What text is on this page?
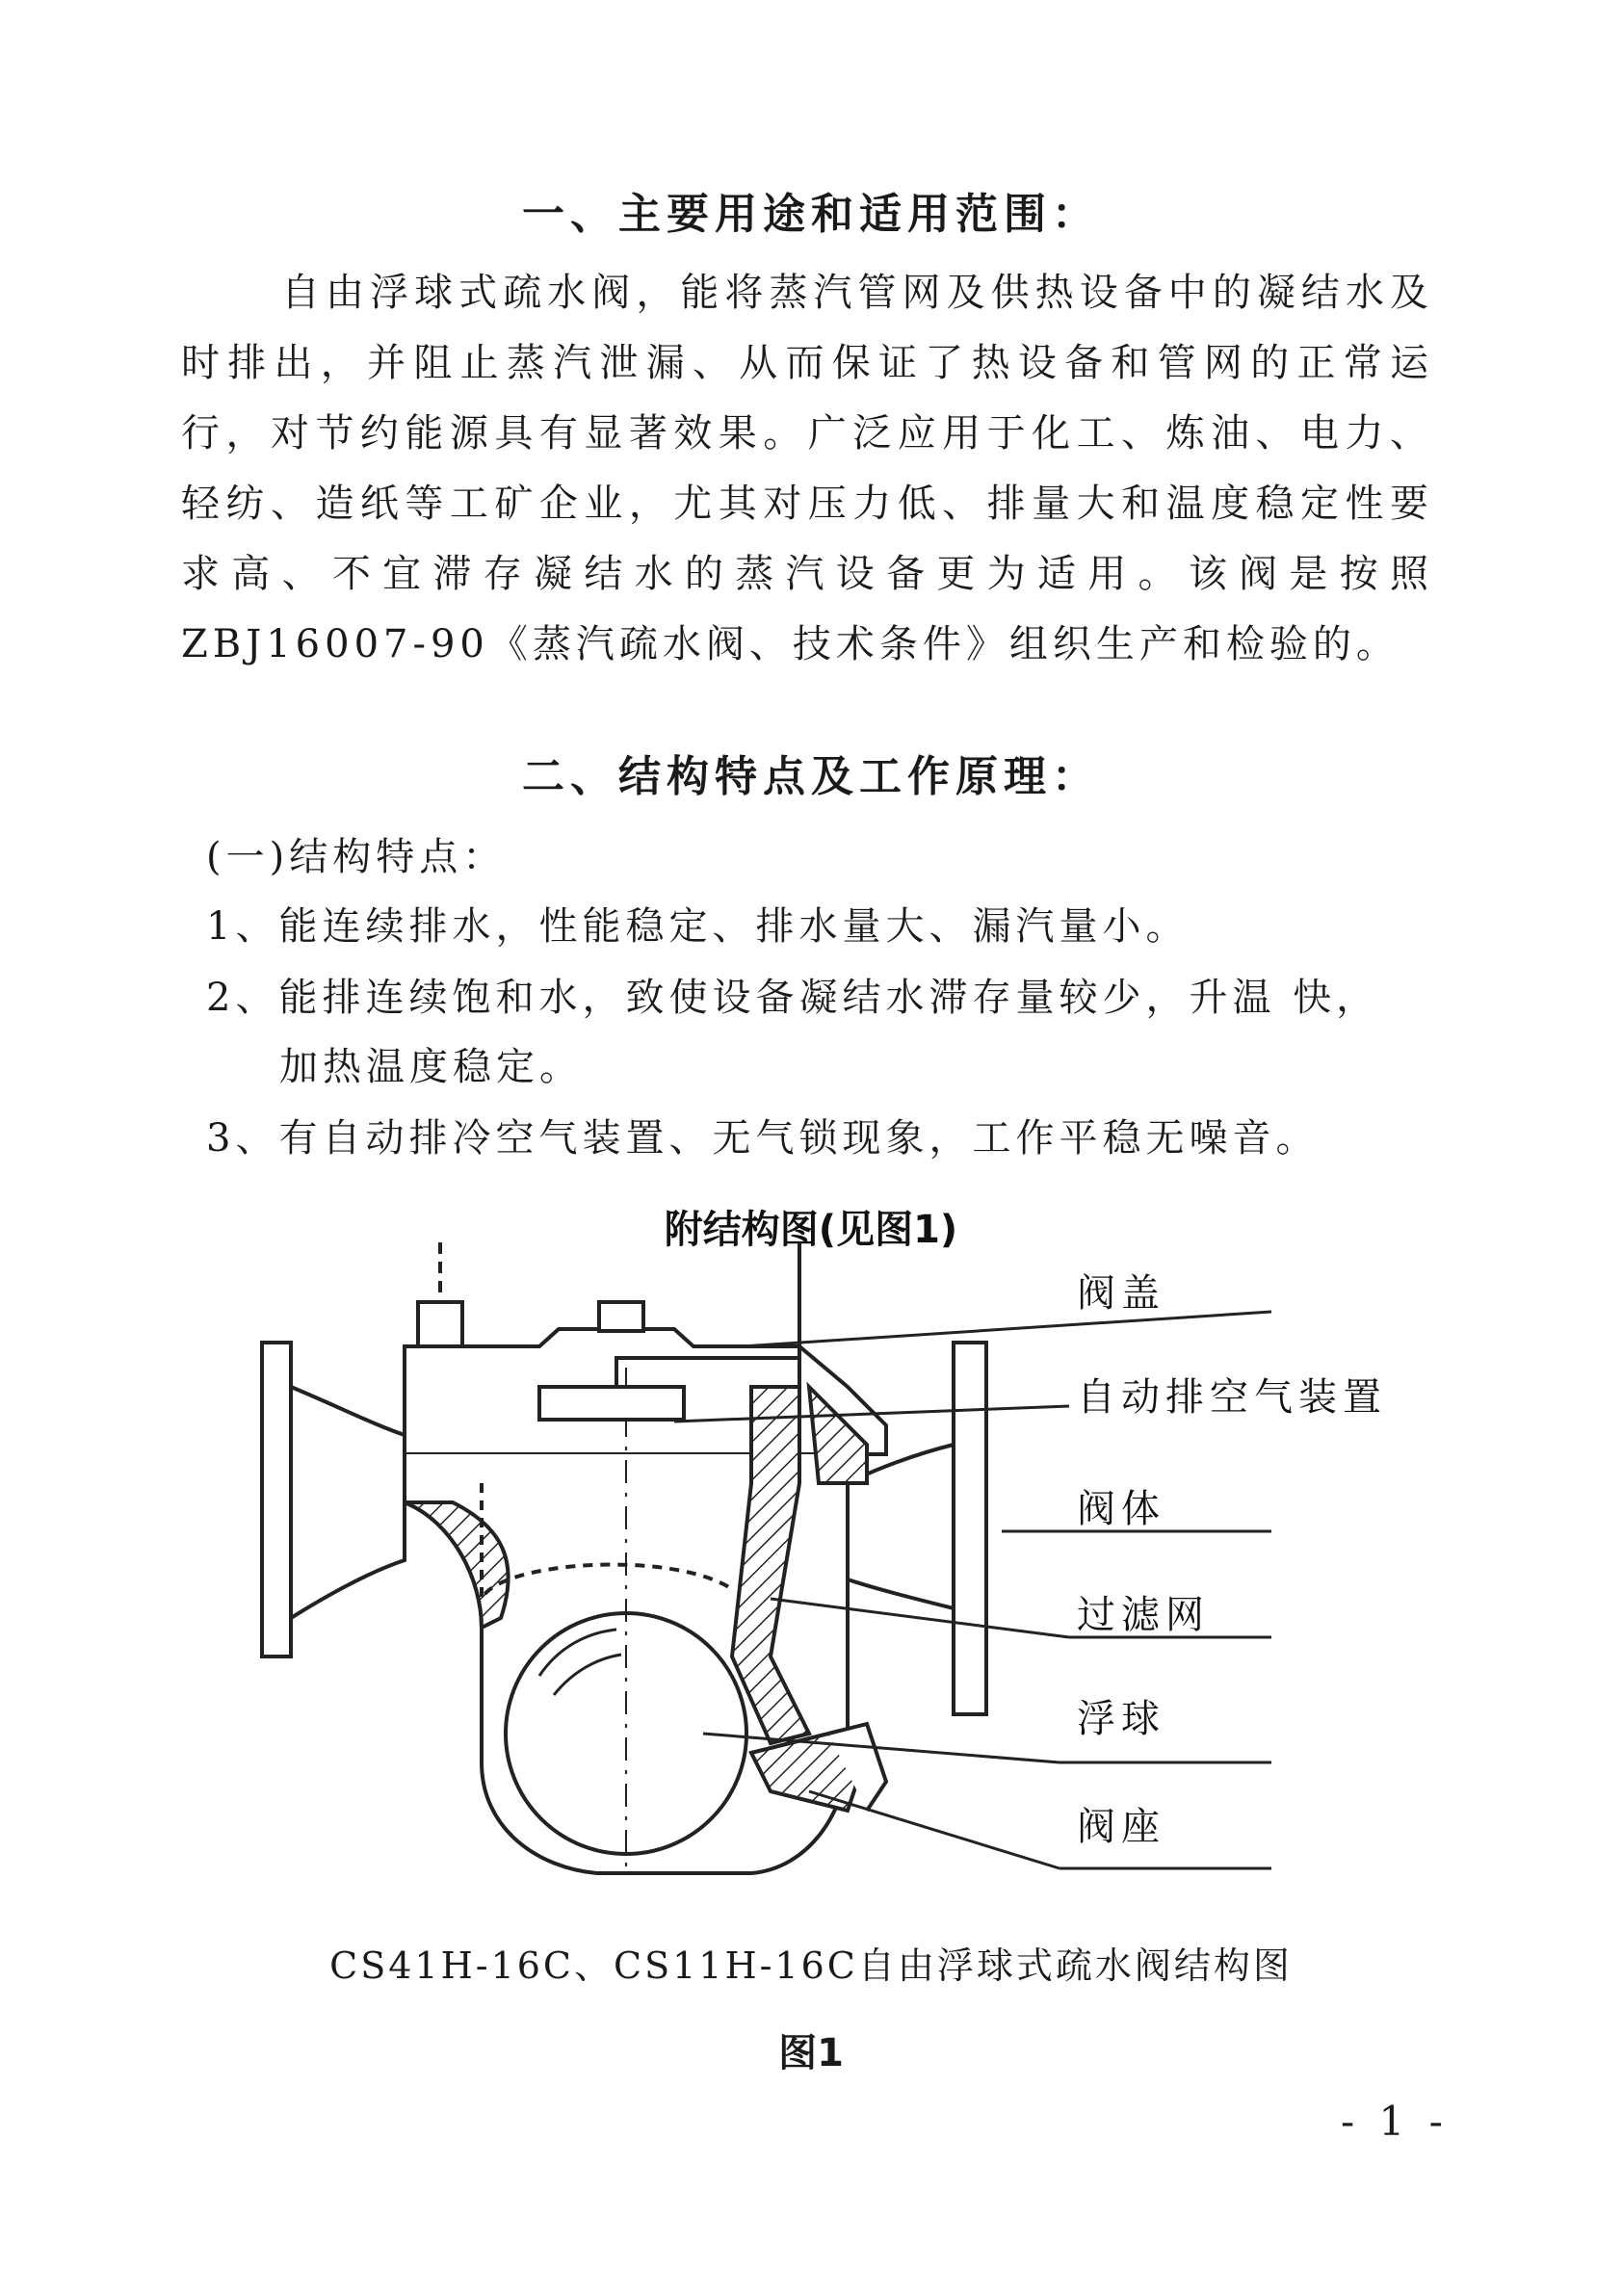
一、主要用途和适用范围：

自由浮球式疏水阀，能将蒸汽管网及供热设备中的凝结水及时排出，并阻止蒸汽泄漏、从而保证了热设备和管网的正常运行，对节约能源具有显著效果。广泛应用于化工、炼油、电力、轻纺、造纸等工矿企业，尤其对压力低、排量大和温度稳定性要求高、不宜滞存凝结水的蒸汽设备更为适用。该阀是按照ZBJ16007-90《蒸汽疏水阀、技术条件》组织生产和检验的。

二、结构特点及工作原理：
(一)结构特点：
1、能连续排水，性能稳定、排水量大、漏汽量小。
2、能排连续饱和水，致使设备凝结水滞存量较少，升温 快，
加热温度稳定。
3、有自动排冷空气装置、无气锁现象，工作平稳无噪音。
附结构图(见图1)
阀盖
自动排空气装置
阀体
过滤网
浮球
阀座
CS41H-16C、CS11H-16C自由浮球式疏水阀结构图
图1
- 1 -
